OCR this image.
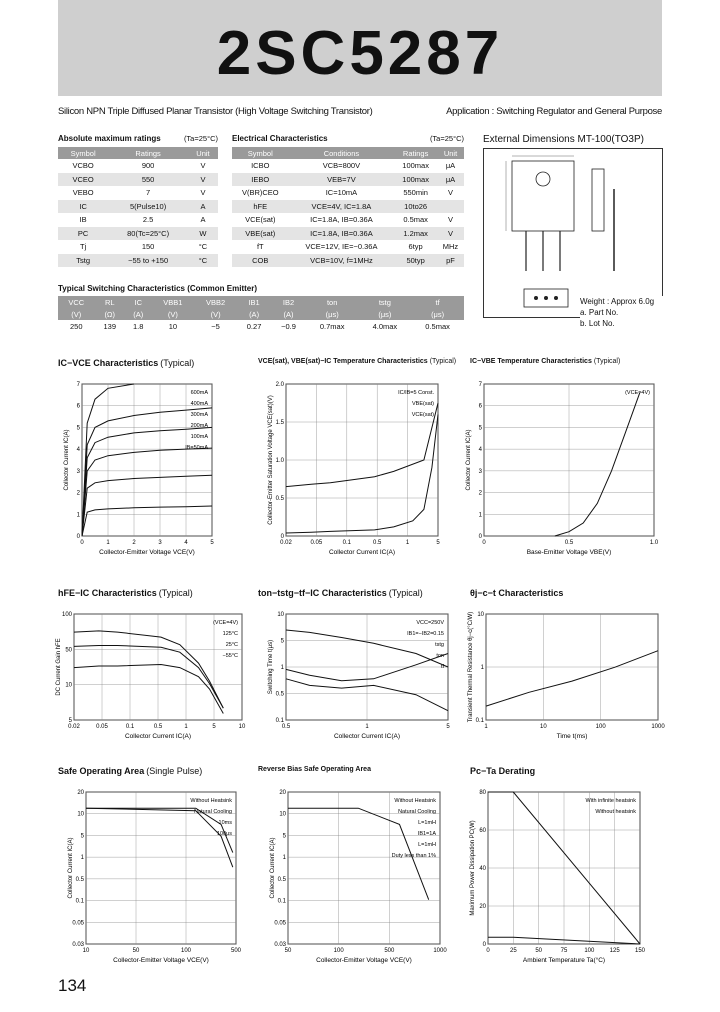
2SC5287
Silicon NPN Triple Diffused Planar Transistor (High Voltage Switching Transistor)	Application : Switching Regulator and General Purpose
Absolute maximum ratings	(Ta=25°C)
Symbol	Ratings	Unit
VCBO	900	V
VCEO	550	V
VEBO	7	V
IC	5(Pulse10)	A
IB	2.5	A
PC	80(Tc=25°C)	W
Tj	150	°C
Tstg	−55 to +150	°C
Electrical Characteristics	(Ta=25°C)
Symbol	Conditions	Ratings	Unit
ICBO	VCB=800V	100max	μA
IEBO	VEB=7V	100max	μA
V(BR)CEO	IC=10mA	550min	V
hFE	VCE=4V, IC=1.8A	10to26	
VCE(sat)	IC=1.8A, IB=0.36A	0.5max	V
VBE(sat)	IC=1.8A, IB=0.36A	1.2max	V
fT	VCE=12V, IE=−0.36A	6typ	MHz
COB	VCB=10V, f=1MHz	50typ	pF
Typical Switching Characteristics (Common Emitter)
VCC	RL	IC	VBB1	VBB2	IB1	IB2	ton	tstg	tf
(V)	(Ω)	(A)	(V)	(V)	(A)	(A)	(μs)	(μs)	(μs)
250	139	1.8	10	−5	0.27	−0.9	0.7max	4.0max	0.5max
External Dimensions MT-100(TO3P)
Weight : Approx 6.0g
a. Part No.
b. Lot No.
IC−VCE Characteristics (Typical)
0	1	2	3	4	5
0
1
2
3
4
5
6
7
Collector-Emitter Voltage VCE(V)
Collector Current IC(A)
600mA
400mA
300mA
200mA
100mA
IB=50mA
VCE(sat), VBE(sat)−IC Temperature Characteristics (Typical)
0.02	0.05	0.1	0.5	1	5
0
0.5
1.0
1.5
2.0
Collector Current IC(A)
Collector-Emitter Saturation Voltage VCE(sat)(V)
IC/IB=5 Const.
VBE(sat)
VCE(sat)
IC−VBE Temperature Characteristics (Typical)
0	0.5	1.0
0
1
2
3
4
5
6
7
Base-Emitter Voltage VBE(V)
Collector Current IC(A)
(VCE=4V)
hFE−IC Characteristics (Typical)
0.02	0.05	0.1	0.5	1	5	10
5
10
50
100
Collector Current IC(A)
DC Current Gain hFE
(VCE=4V)
125°C
25°C
−55°C
ton−tstg−tf−IC Characteristics (Typical)
0.5	1	5
0.1
0.5
1
5
10
Collector Current IC(A)
Switching Time t(μs)
VCC=250V
IB1=−IB2=0.15
tstg
ton
tf
θj−c−t Characteristics
1	10	100	1000
0.1
1
10
Time t(ms)
Transient Thermal Resistance θj−c(°C/W)
Safe Operating Area (Single Pulse)
10	50	100	500
0.03
0.05
0.1
0.5
1
5
10
20
Collector-Emitter Voltage VCE(V)
Collector Current IC(A)
Without Heatsink
Natural Cooling
10ms
100μs
Reverse Bias Safe Operating Area
50	100	500	1000
0.03
0.05
0.1
0.5
1
5
10
20
Collector-Emitter Voltage VCE(V)
Collector Current IC(A)
Without Heatsink
Natural Cooling
L=1mH
IB1=1A
L=1mH
Duty less than 1%
Pc−Ta Derating
0	25	50	75	100	125	150
0
20
40
60
80
Ambient Temperature Ta(°C)
Maximum Power Dissipation PC(W)
With infinite heatsink
Without heatsink
134
